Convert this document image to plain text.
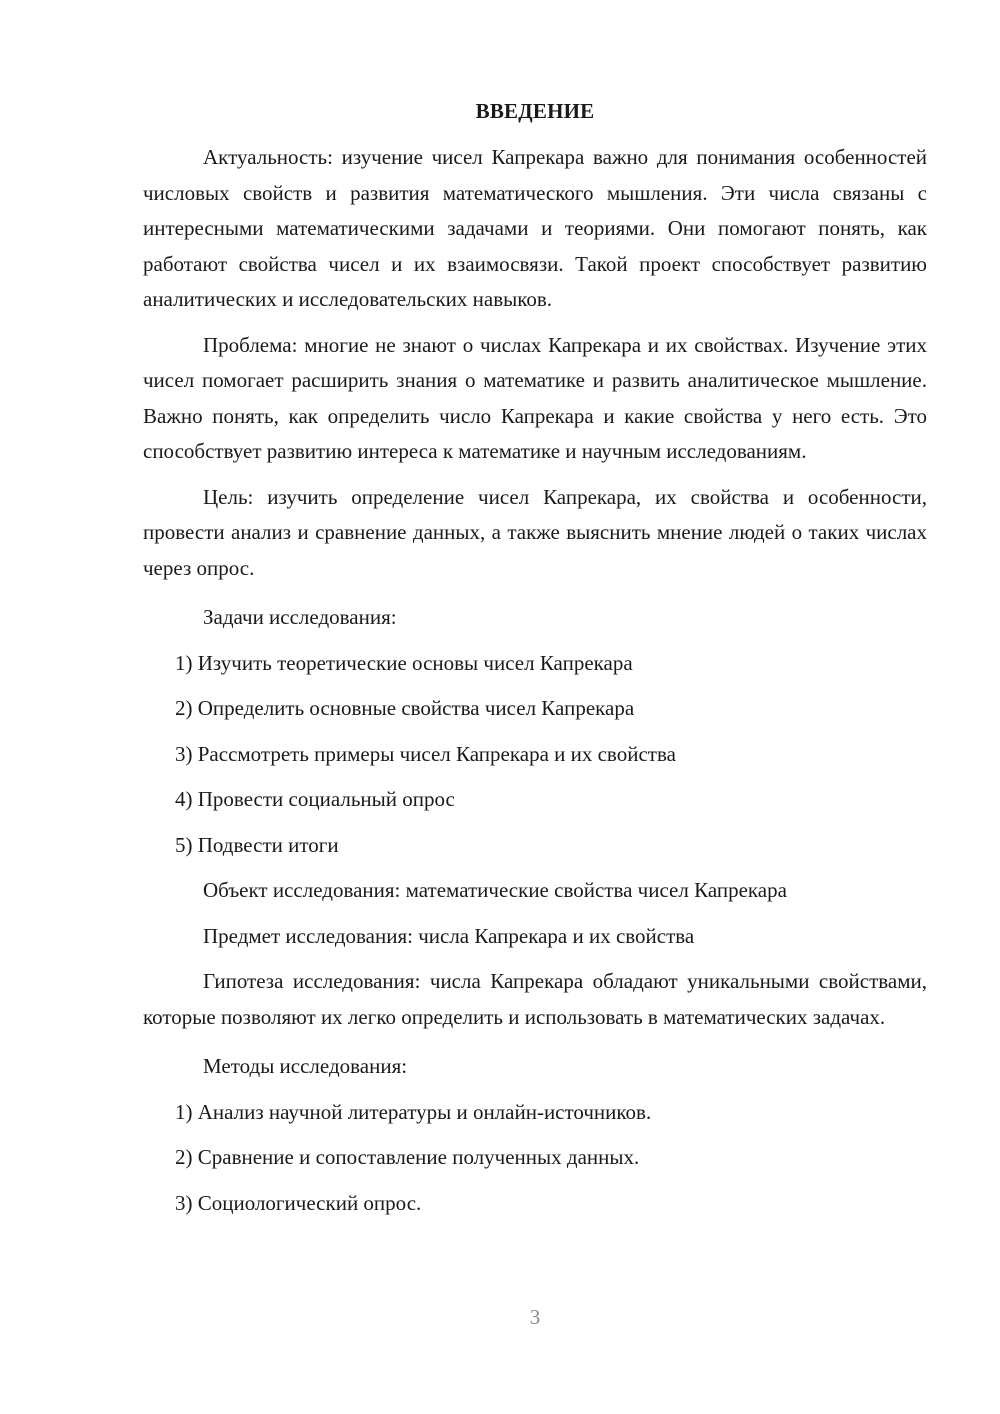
ВВЕДЕНИЕ

Актуальность: изучение чисел Капрекара важно для понимания особенностей числовых свойств и развития математического мышления. Эти числа связаны с интересными математическими задачами и теориями. Они помогают понять, как работают свойства чисел и их взаимосвязи. Такой проект способствует развитию аналитических и исследовательских навыков.

Проблема: многие не знают о числах Капрекара и их свойствах. Изучение этих чисел помогает расширить знания о математике и развить аналитическое мышление. Важно понять, как определить число Капрекара и какие свойства у него есть. Это способствует развитию интереса к математике и научным исследованиям.

Цель: изучить определение чисел Капрекара, их свойства и особенности, провести анализ и сравнение данных, а также выяснить мнение людей о таких числах через опрос.

Задачи исследования:
1) Изучить теоретические основы чисел Капрекара
2) Определить основные свойства чисел Капрекара
3) Рассмотреть примеры чисел Капрекара и их свойства
4) Провести социальный опрос
5) Подвести итоги
Объект исследования: математические свойства чисел Капрекара
Предмет исследования: числа Капрекара и их свойства

Гипотеза исследования: числа Капрекара обладают уникальными свойствами, которые позволяют их легко определить и использовать в математических задачах.

Методы исследования:
1) Анализ научной литературы и онлайн-источников.
2) Сравнение и сопоставление полученных данных.
3) Социологический опрос.
3
